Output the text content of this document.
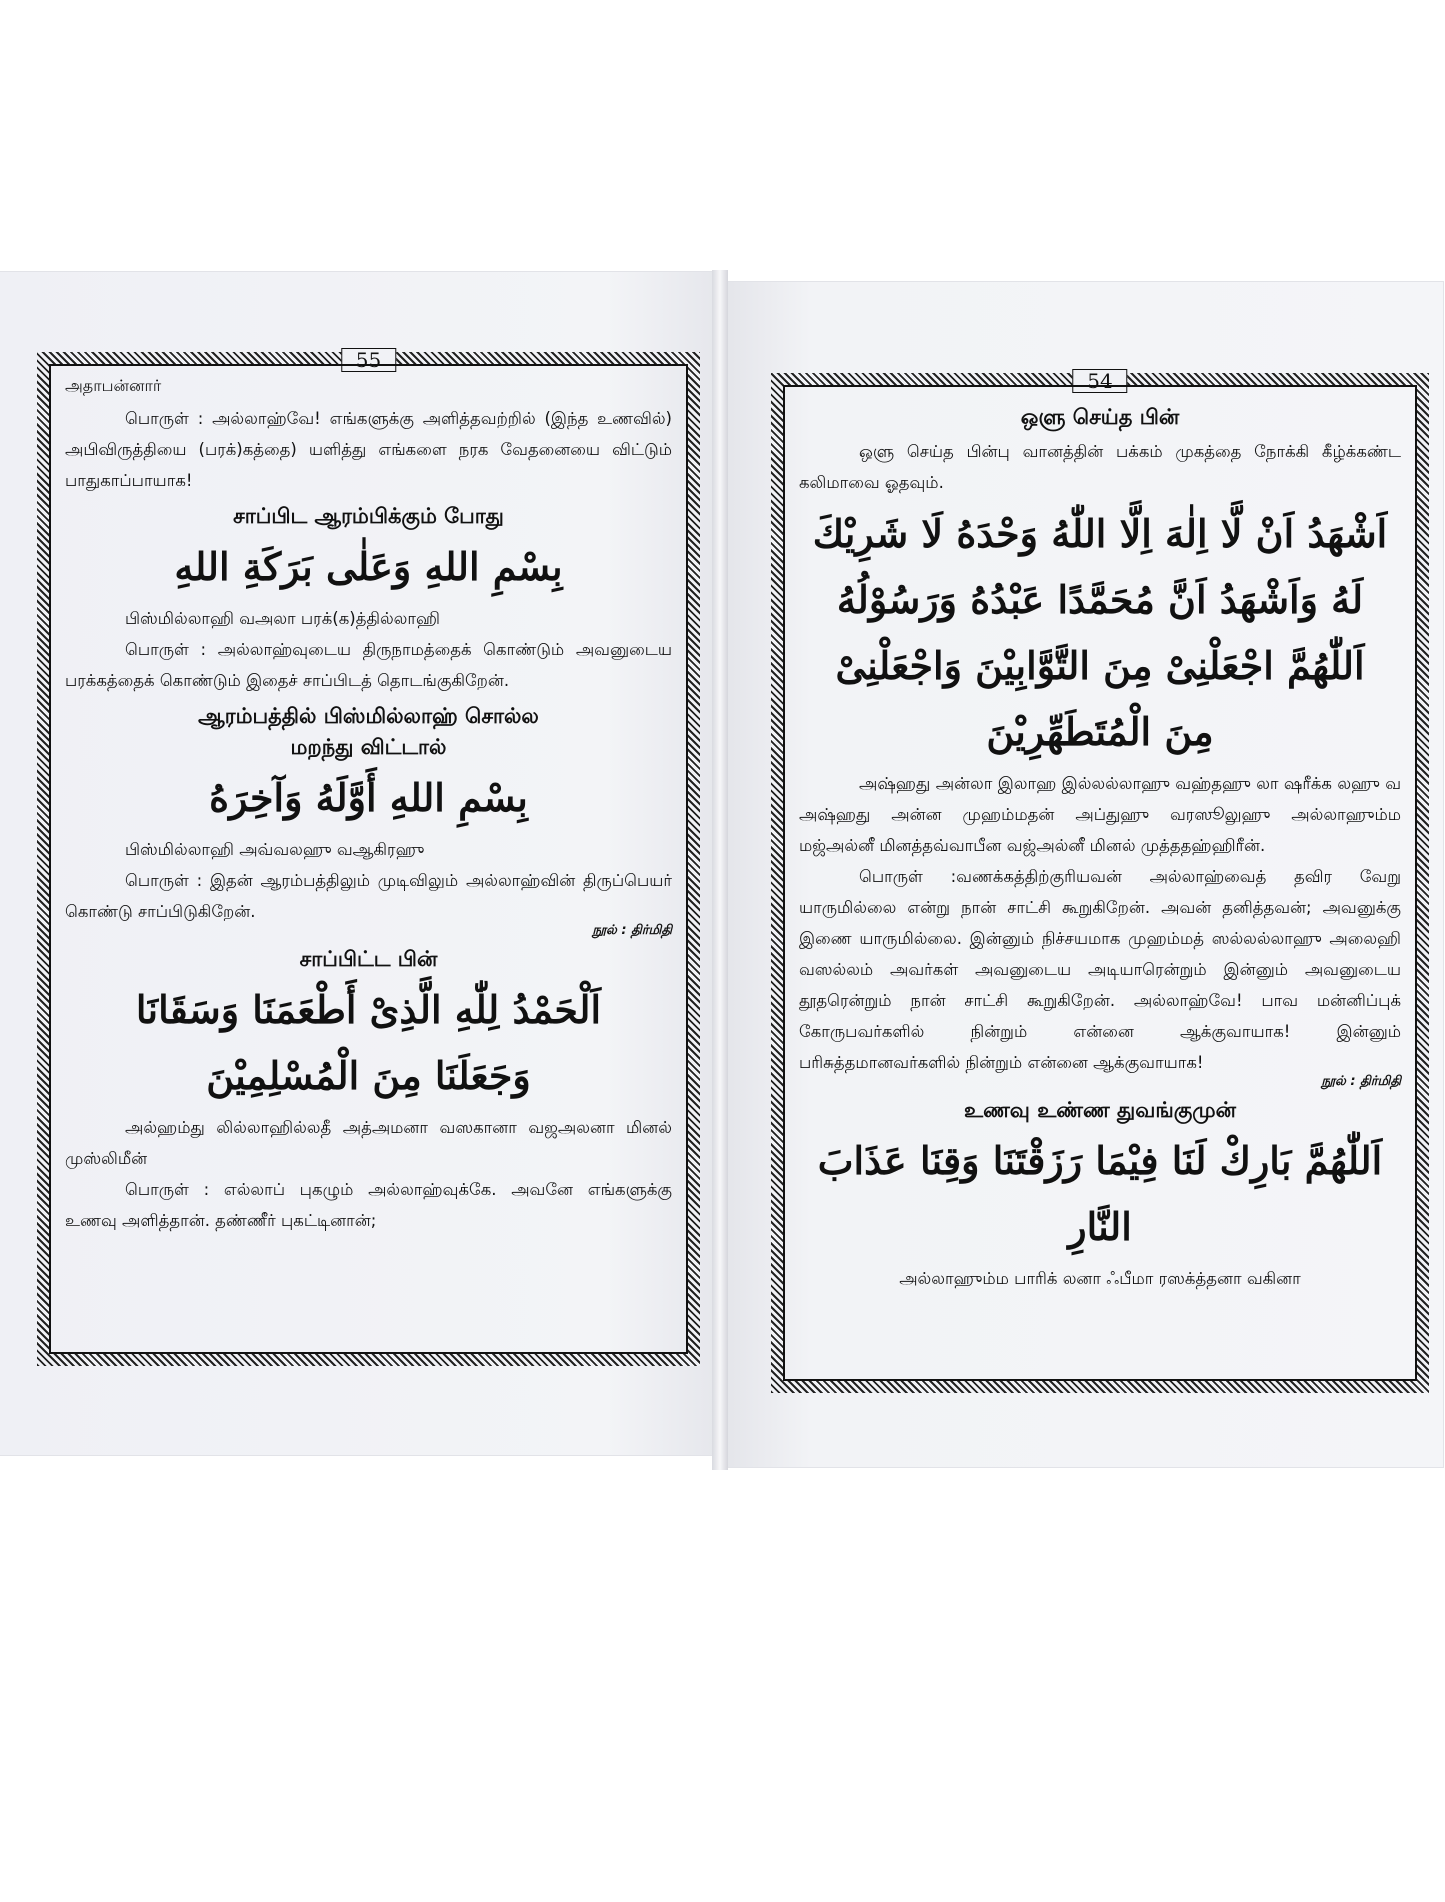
55

அதாபன்னார்

பொருள் : அல்லாஹ்வே! எங்களுக்கு அளித்தவற்றில் (இந்த உணவில்) அபிவிருத்தியை (பரக்)கத்தை) யளித்து எங்களை நரக வேதனையை விட்டும் பாதுகாப்பாயாக!

சாப்பிட ஆரம்பிக்கும் போது

بِسْمِ اللهِ وَعَلٰى بَرَكَةِ اللهِ

பிஸ்மில்லாஹி வஅலா பரக்(க)த்தில்லாஹி

பொருள் : அல்லாஹ்வுடைய திருநாமத்தைக் கொண்டும் அவனுடைய பரக்கத்தைக் கொண்டும் இதைச் சாப்பிடத் தொடங்குகிறேன்.

ஆரம்பத்தில் பிஸ்மில்லாஹ் சொல்ல

மறந்து விட்டால்

بِسْمِ اللهِ أَوَّلَهُ وَآخِرَهُ

பிஸ்மில்லாஹி அவ்வலஹு வஆகிரஹு

பொருள் : இதன் ஆரம்பத்திலும் முடிவிலும் அல்லாஹ்வின் திருப்பெயர் கொண்டு சாப்பிடுகிறேன்.

நூல் : திர்மிதி

சாப்பிட்ட பின்

اَلْحَمْدُ لِلّٰهِ الَّذِىْ أَطْعَمَنَا وَسَقَانَا

وَجَعَلَنَا مِنَ الْمُسْلِمِيْنَ

அல்ஹம்து லில்லாஹில்லதீ அத்அமனா வஸகானா வஜஅலனா மினல் முஸ்லிமீன்

பொருள் : எல்லாப் புகழும் அல்லாஹ்வுக்கே. அவனே எங்களுக்கு உணவு அளித்தான். தண்ணீர் புகட்டினான்;

54

ஒளு செய்த பின்

ஒளு செய்த பின்பு வானத்தின் பக்கம் முகத்தை நோக்கி கீழ்க்கண்ட கலிமாவை ஓதவும்.

اَشْهَدُ اَنْ لَّا اِلٰهَ اِلَّا اللّٰهُ وَحْدَهُ لَا شَرِيْكَ

لَهُ وَاَشْهَدُ اَنَّ مُحَمَّدًا عَبْدُهُ وَرَسُوْلُهُ

اَللّٰهُمَّ اجْعَلْنِىْ مِنَ التَّوَّابِيْنَ وَاجْعَلْنِىْ

مِنَ الْمُتَطَهِّرِيْنَ

அஷ்ஹது அன்லா இலாஹ இல்லல்லாஹு வஹ்தஹு லா ஷரீக்க லஹு வ அஷ்ஹது அன்ன முஹம்மதன் அப்துஹு வரஸூலுஹு அல்லாஹும்ம மஜ்அல்னீ மினத்தவ்வாபீன வஜ்அல்னீ மினல் முத்ததஹ்ஹிரீன்.

பொருள் :வணக்கத்திற்குரியவன் அல்லாஹ்வைத் தவிர வேறு யாருமில்லை என்று நான் சாட்சி கூறுகிறேன். அவன் தனித்தவன்; அவனுக்கு இணை யாருமில்லை. இன்னும் நிச்சயமாக முஹம்மத் ஸல்லல்லாஹு அலைஹி வஸல்லம் அவர்கள் அவனுடைய அடியாரென்றும் இன்னும் அவனுடைய தூதரென்றும் நான் சாட்சி கூறுகிறேன். அல்லாஹ்வே! பாவ மன்னிப்புக் கோருபவர்களில் நின்றும் என்னை ஆக்குவாயாக! இன்னும் பரிசுத்தமானவர்களில் நின்றும் என்னை ஆக்குவாயாக!

நூல் : திர்மிதி

உணவு உண்ண துவங்குமுன்

اَللّٰهُمَّ بَارِكْ لَنَا فِيْمَا رَزَقْتَنَا وَقِنَا عَذَابَ

النَّارِ

அல்லாஹும்ம பாரிக் லனா ஃபீமா ரஸக்த்தனா வகினா
